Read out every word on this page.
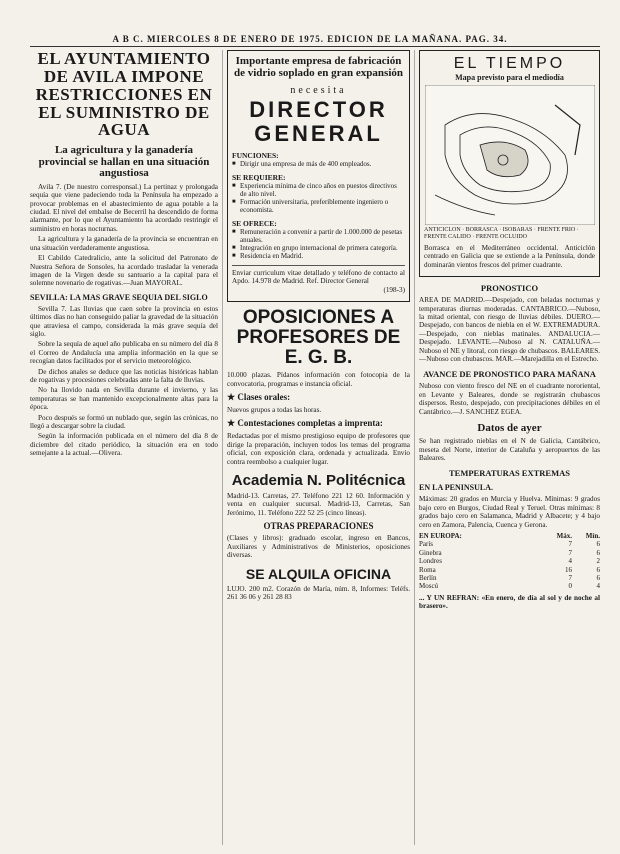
A B C. MIERCOLES 8 DE ENERO DE 1975. EDICION DE LA MAÑANA. PAG. 34.
EL AYUNTAMIENTO DE AVILA IMPONE RESTRICCIONES EN EL SUMINISTRO DE AGUA
La agricultura y la ganadería provincial se hallan en una situación angustiosa

Avila 7. (De nuestro corresponsal.) La pertinaz y prolongada sequía que viene padeciendo toda la Península ha empezado a provocar problemas en el abastecimiento de agua potable a la ciudad. El nivel del embalse de Becerril ha descendido de forma alarmante, por lo que el Ayuntamiento ha acordado restringir el suministro en horas nocturnas.

La agricultura y la ganadería de la provincia se encuentran en una situación verdaderamente angustiosa.

El Cabildo Catedralicio, ante la solicitud del Patronato de Nuestra Señora de Sonsoles, ha acordado trasladar la venerada imagen de la Virgen desde su santuario a la capital para el solemne novenario de rogativas.—Juan MAYORAL.

SEVILLA: LA MAS GRAVE SEQUIA DEL SIGLO

Sevilla 7. Las lluvias que caen sobre la provincia en estos últimos días no han conseguido paliar la gravedad de la situación que atraviesa el campo, considerada la más grave sequía del siglo.

Sobre la sequía de aquel año publicaba en su número del día 8 el Correo de Andalucía una amplia información en la que se recogían datos facilitados por el servicio meteorológico.

De dichos anales se deduce que las noticias históricas hablan de rogativas y procesiones celebradas ante la falta de lluvias.

No ha llovido nada en Sevilla durante el invierno, y las temperaturas se han mantenido excepcionalmente altas para la época.

Poco después se formó un nublado que, según las crónicas, no llegó a descargar sobre la ciudad.

Según la información publicada en el número del día 8 de diciembre del citado periódico, la situación era en todo semejante a la actual.—Olivera.

Importante empresa de fabricación de vidrio soplado en gran expansión
necesita
DIRECTOR GENERAL
FUNCIONES:
■ Dirigir una empresa de más de 400 empleados.
SE REQUIERE:
■ Experiencia mínima de cinco años en puestos directivos de alto nivel.
■ Formación universitaria, preferiblemente ingeniero o economista.
SE OFRECE:
■ Remuneración a convenir a partir de 1.000.000 de pesetas anuales.
■ Integración en grupo internacional de primera categoría.
■ Residencia en Madrid.
Enviar curriculum vitae detallado y teléfono de contacto al Apdo. 14.978 de Madrid. Ref. Director General
(198-3)
OPOSICIONES A PROFESORES DE E. G. B.
10.000 plazas. Pídanos información con fotocopia de la convocatoria, programas e instancia oficial.
★ Clases orales:
Nuevos grupos a todas las horas.
★ Contestaciones completas a imprenta:
Redactadas por el mismo prestigioso equipo de profesores que dirige la preparación, incluyen todos los temas del programa oficial, con exposición clara, ordenada y actualizada. Envío contra reembolso a cualquier lugar.
Academia N. Politécnica
Madrid-13. Carretas, 27. Teléfono 221 12 60. Información y venta en cualquier sucursal. Madrid-13, Carretas, San Jerónimo, 11. Teléfono 222 52 25 (cinco líneas).
OTRAS PREPARACIONES
(Clases y libros): graduado escolar, ingreso en Bancos, Auxiliares y Administrativos de Ministerios, oposiciones diversas.
SE ALQUILA OFICINA
LUJO. 200 m2. Corazón de María, núm. 8, Informes: Teléfs. 261 36 06 y 261 28 83
EL TIEMPO
Mapa previsto para el mediodía
ANTICICLON · BORRASCA · ISOBARAS · FRENTE FRIO · FRENTE CALIDO · FRENTE OCLUIDO
Borrasca en el Mediterráneo occidental. Anticiclón centrado en Galicia que se extiende a la Península, donde dominarán vientos frescos del primer cuadrante.
PRONOSTICO
AREA DE MADRID.—Despejado, con heladas nocturnas y temperaturas diurnas moderadas. CANTABRICO.—Nuboso, la mitad oriental, con riesgo de lluvias débiles. DUERO.—Despejado, con bancos de niebla en el W. EXTREMADURA.—Despejado, con nieblas matinales. ANDALUCIA.—Despejado. LEVANTE.—Nuboso al N. CATALUÑA.—Nuboso el NE y litoral, con riesgo de chubascos. BALEARES.—Nuboso con chubascos. MAR.—Marejadilla en el Estrecho.
AVANCE DE PRONOSTICO PARA MAÑANA
Nuboso con viento fresco del NE en el cuadrante nororiental, en Levante y Baleares, donde se registrarán chubascos dispersos. Resto, despejado, con precipitaciones débiles en el Cantábrico.—J. SANCHEZ EGEA.
Datos de ayer
Se han registrado nieblas en el N de Galicia, Cantábrico, meseta del Norte, interior de Cataluña y aeropuertos de las Baleares.
TEMPERATURAS EXTREMAS
EN LA PENINSULA.
Máximas: 20 grados en Murcia y Huelva. Mínimas: 9 grados bajo cero en Burgos, Ciudad Real y Teruel. Otras mínimas: 8 grados bajo cero en Salamanca, Madrid y Albacete; y 4 bajo cero en Zamora, Palencia, Cuenca y Gerona.
EN EUROPA:	Máx.	Mín.
París	7	6
Ginebra	7	6
Londres	4	2
Roma	16	6
Berlín	7	6
Moscú	0	4
... Y UN REFRAN: «En enero, de día al sol y de noche al brasero».
